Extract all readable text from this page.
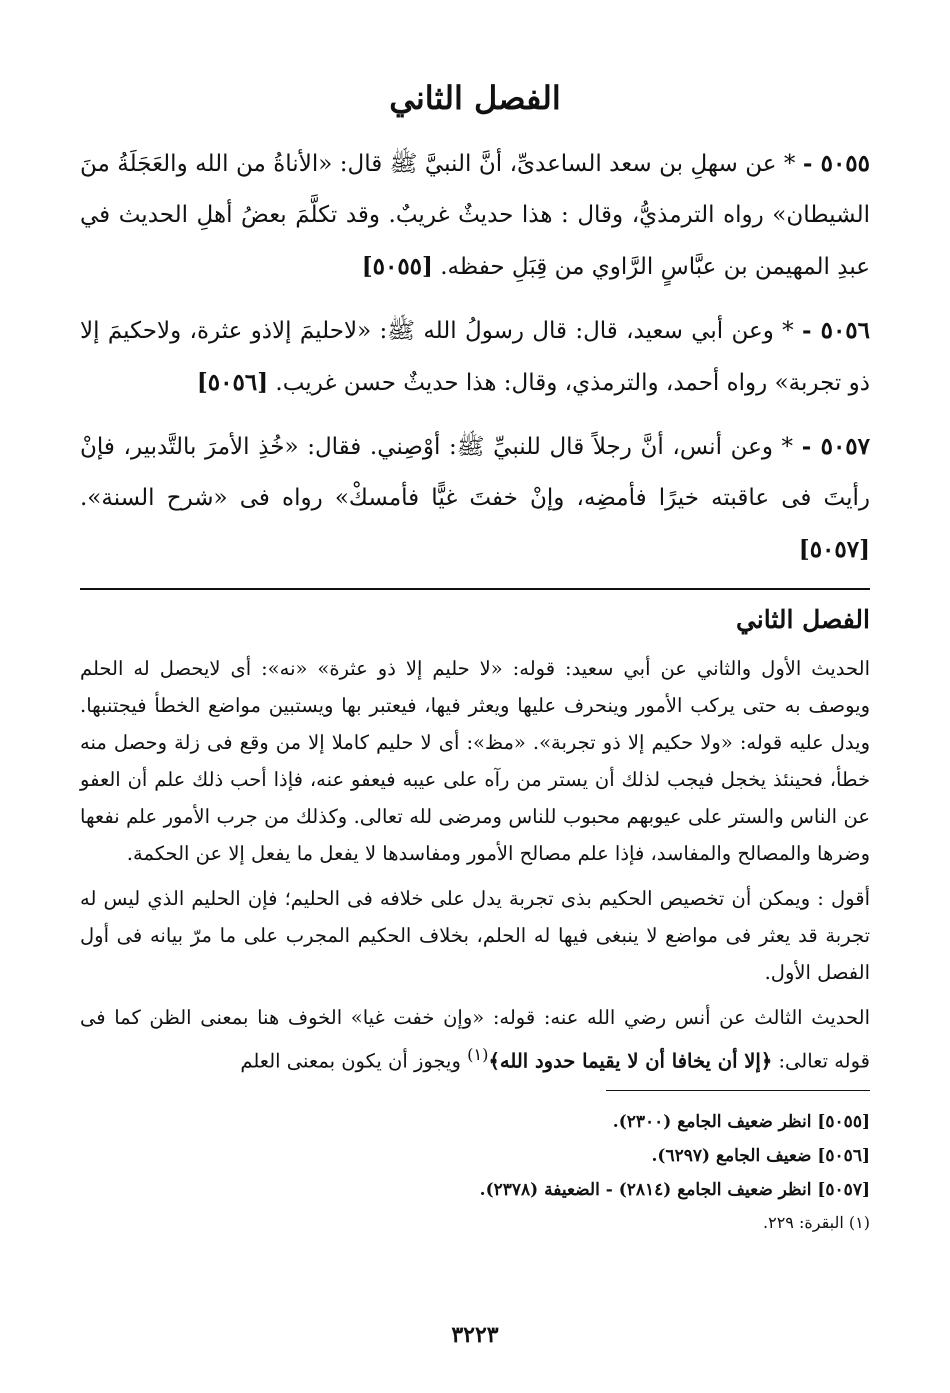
الفصل الثاني

٥٠٥٥ - * عن سهلِ بن سعد الساعدىِّ، أنَّ النبيَّ ﷺ قال: «الأناةُ من الله والعَجَلَةُ منَ الشيطان» رواه الترمذيُّ، وقال : هذا حديثٌ غريبٌ. وقد تكلَّمَ بعضُ أهلِ الحديث في عبدِ المهيمن بن عبَّاسٍ الرَّاوي من قِبَلِ حفظه. [٥٠٥٥]

٥٠٥٦ - * وعن أبي سعيد، قال: قال رسولُ الله ﷺ: «لاحليمَ إلاذو عثرة، ولاحكيمَ إلا ذو تجربة» رواه أحمد، والترمذي، وقال: هذا حديثٌ حسن غريب. [٥٠٥٦]

٥٠٥٧ - * وعن أنس، أنَّ رجلاً قال للنبيِّ ﷺ: أوْصِني. فقال: «خُذِ الأمرَ بالتَّدبير، فإنْ رأيتَ فى عاقبته خيرًا فأمضِه، وإنْ خفتَ غيًّا فأمسكْ» رواه فى «شرح السنة». [٥٠٥٧]

الفصل الثاني

الحديث الأول والثاني عن أبي سعيد: قوله: «لا حليم إلا ذو عثرة» «نه»: أى لايحصل له الحلم ويوصف به حتى يركب الأمور وينحرف عليها ويعثر فيها، فيعتبر بها ويستبين مواضع الخطأ فيجتنبها. ويدل عليه قوله: «ولا حكيم إلا ذو تجربة». «مظ»: أى لا حليم كاملا إلا من وقع فى زلة وحصل منه خطأ، فحينئذ يخجل فيجب لذلك أن يستر من رآه على عيبه فيعفو عنه، فإذا أحب ذلك علم أن العفو عن الناس والستر على عيوبهم محبوب للناس ومرضى لله تعالى. وكذلك من جرب الأمور علم نفعها وضرها والمصالح والمفاسد، فإذا علم مصالح الأمور ومفاسدها لا يفعل ما يفعل إلا عن الحكمة.

أقول : ويمكن أن تخصيص الحكيم بذى تجربة يدل على خلافه فى الحليم؛ فإن الحليم الذي ليس له تجربة قد يعثر فى مواضع لا ينبغى فيها له الحلم، بخلاف الحكيم المجرب على ما مرّ بيانه فى أول الفصل الأول.

الحديث الثالث عن أنس رضي الله عنه: قوله: «وإن خفت غيا» الخوف هنا بمعنى الظن كما فى قوله تعالى: ﴿إلا أن يخافا أن لا يقيما حدود الله﴾$^{(١)}$ ويجوز أن يكون بمعنى العلم

[٥٠٥٥] انظر ضعيف الجامع (٢٣٠٠).
[٥٠٥٦] ضعيف الجامع (٦٢٩٧).
[٥٠٥٧] انظر ضعيف الجامع (٢٨١٤) - الضعيفة (٢٣٧٨).
(١) البقرة: ٢٢٩.
٣٢٢٣
